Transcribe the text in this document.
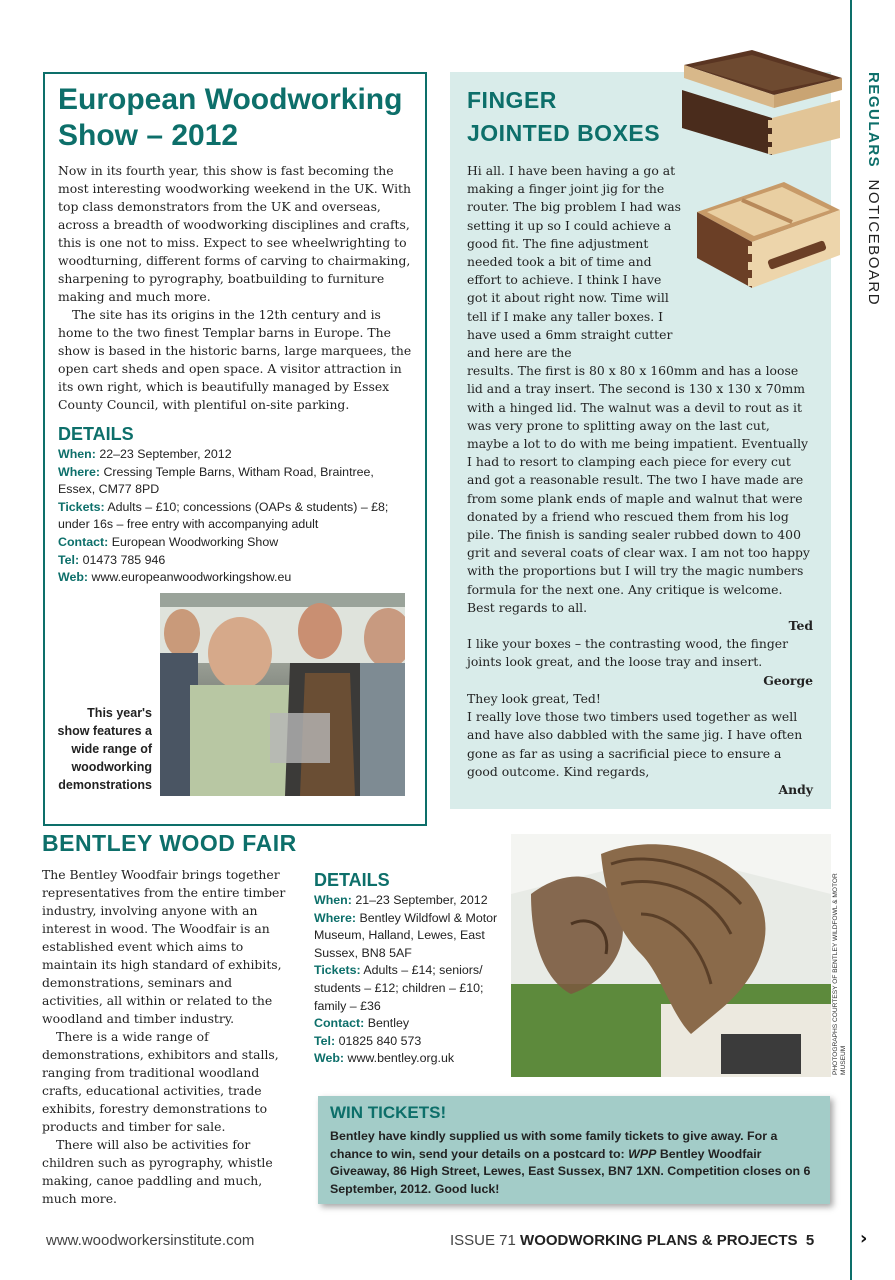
REGULARS  NOTICEBOARD
European Woodworking Show – 2012

Now in its fourth year, this show is fast becoming the most interesting woodworking weekend in the UK. With top class demonstrators from the UK and overseas, across a breadth of woodworking disciplines and crafts, this is one not to miss. Expect to see wheelwrighting to woodturning, different forms of carving to chairmaking, sharpening to pyrography, boatbuilding to furniture making and much more.

The site has its origins in the 12th century and is home to the two finest Templar barns in Europe. The show is based in the historic barns, large marquees, the open cart sheds and open space. A visitor attraction in its own right, which is beautifully managed by Essex County Council, with plentiful on-site parking.

DETAILS
When: 22–23 September, 2012
Where: Cressing Temple Barns, Witham Road, Braintree, Essex, CM77 8PD
Tickets: Adults – £10; concessions (OAPs & students) – £8; under 16s – free entry with accompanying adult
Contact: European Woodworking Show
Tel: 01473 785 946
Web: www.europeanwoodworkingshow.eu
This year's show features a wide range of woodworking demonstrations
FINGER
JOINTED BOXES

Hi all. I have been having a go at making a finger joint jig for the router. The big problem I had was setting it up so I could achieve a good fit. The fine adjustment needed took a bit of time and effort to achieve. I think I have got it about right now. Time will tell if I make any taller boxes. I have used a 6mm straight cutter and here are the
results. The first is 80 x 80 x 160mm and has a loose lid and a tray insert. The second is 130 x 130 x 70mm with a hinged lid. The walnut was a devil to rout as it was very prone to splitting away on the last cut, maybe a lot to do with me being impatient. Eventually I had to resort to clamping each piece for every cut and got a reasonable result. The two I have made are from some plank ends of maple and walnut that were donated by a friend who rescued them from his log pile. The finish is sanding sealer rubbed down to 400 grit and several coats of clear wax. I am not too happy with the proportions but I will try the magic numbers formula for the next one. Any critique is welcome. Best regards to all.

Ted

I like your boxes – the contrasting wood, the finger joints look great, and the loose tray and insert.

George

They look great, Ted!

I really love those two timbers used together as well and have also dabbled with the same jig. I have often gone as far as using a sacrificial piece to ensure a good outcome. Kind regards,

Andy

BENTLEY WOOD FAIR

The Bentley Woodfair brings together representatives from the entire timber industry, involving anyone with an interest in wood. The Woodfair is an established event which aims to maintain its high standard of exhibits, demonstrations, seminars and activities, all within or related to the woodland and timber industry.

There is a wide range of demonstrations, exhibitors and stalls, ranging from traditional woodland crafts, educational activities, trade exhibits, forestry demonstrations to products and timber for sale.

There will also be activities for children such as pyrography, whistle making, canoe paddling and much, much more.

DETAILS
When: 21–23 September, 2012
Where: Bentley Wildfowl & Motor Museum, Halland, Lewes, East Sussex, BN8 5AF
Tickets: Adults – £14; seniors/ students – £12; children – £10; family – £36
Contact: Bentley
Tel: 01825 840 573
Web: www.bentley.org.uk	PHOTOGRAPHS COURTESY OF BENTLEY WILDFOWL & MOTOR MUSEUM
WIN TICKETS!
Bentley have kindly supplied us with some family tickets to give away. For a chance to win, send your details on a postcard to: WPP Bentley Woodfair Giveaway, 86 High Street, Lewes, East Sussex, BN7 1XN. Competition closes on 6 September, 2012. Good luck!
www.woodworkersinstitute.com	ISSUE 71 WOODWORKING PLANS & PROJECTS 5	›
